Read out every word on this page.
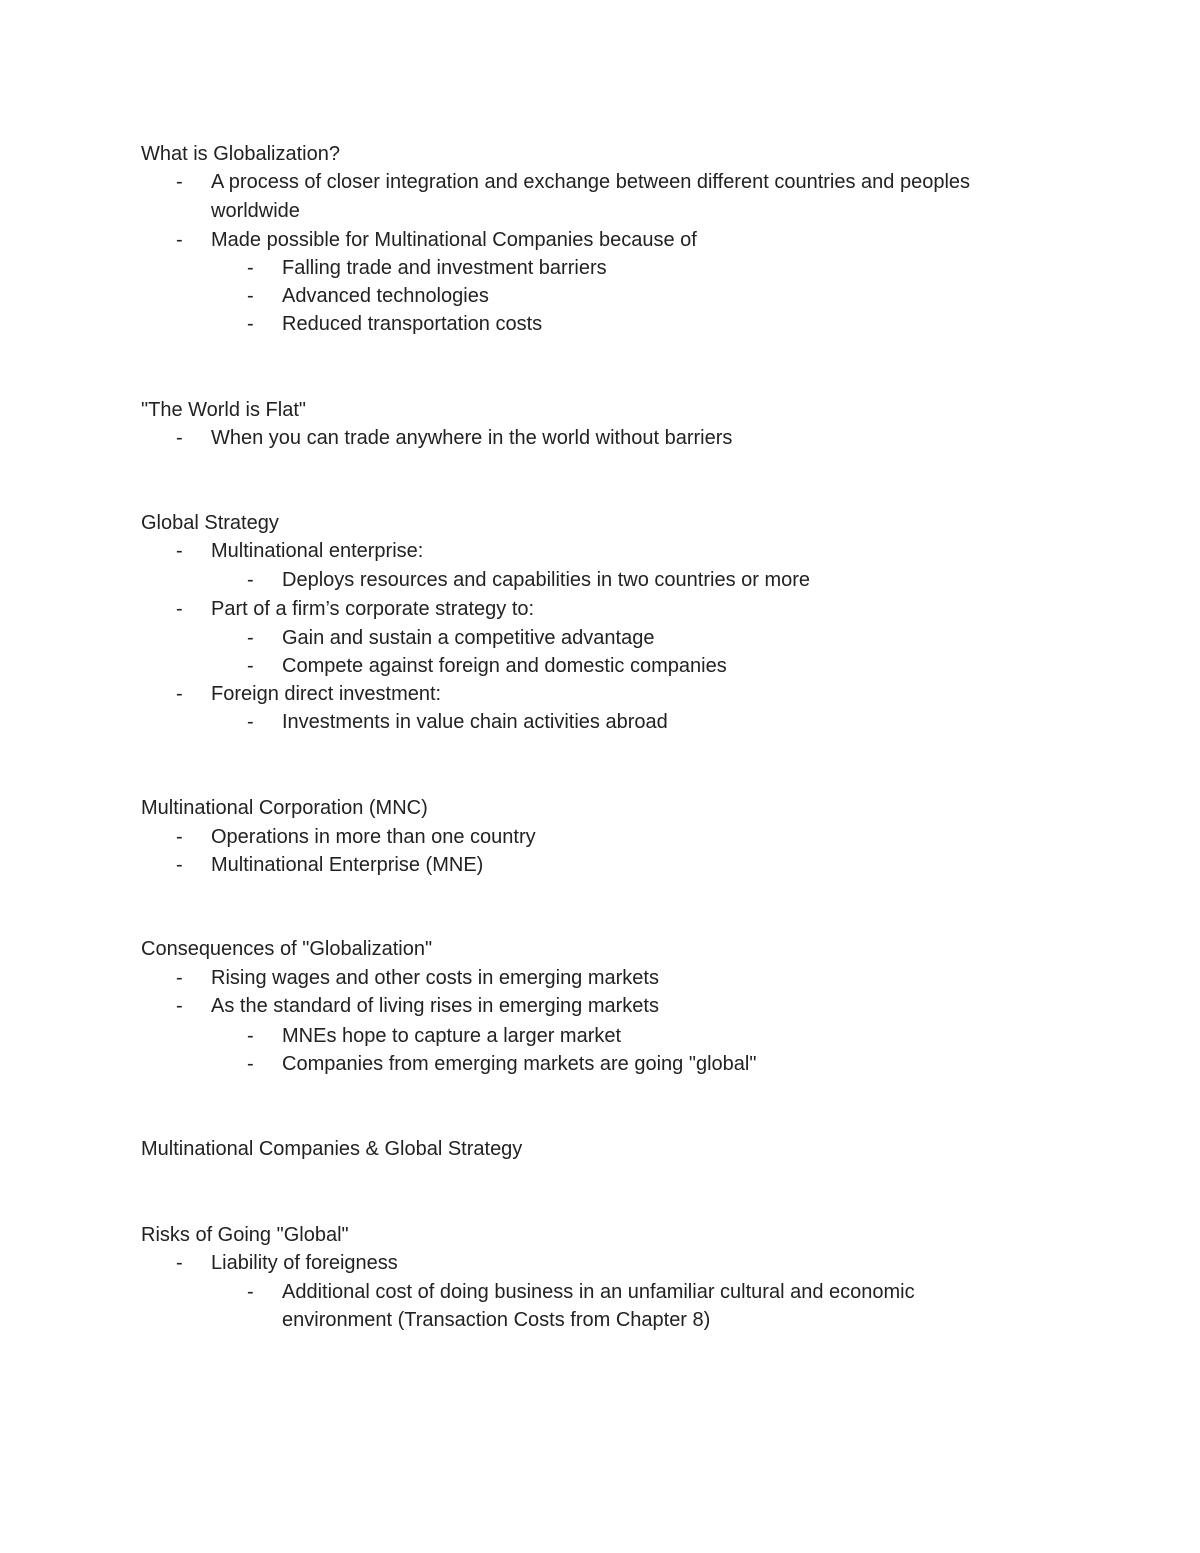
What is Globalization?
- A process of closer integration and exchange between different countries and peoples
worldwide
- Made possible for Multinational Companies because of
- Falling trade and investment barriers
- Advanced technologies
- Reduced transportation costs
"The World is Flat"
- When you can trade anywhere in the world without barriers
Global Strategy
- Multinational enterprise:
- Deploys resources and capabilities in two countries or more
- Part of a firm’s corporate strategy to:
- Gain and sustain a competitive advantage
- Compete against foreign and domestic companies
- Foreign direct investment:
- Investments in value chain activities abroad
Multinational Corporation (MNC)
- Operations in more than one country
- Multinational Enterprise (MNE)
Consequences of "Globalization"
- Rising wages and other costs in emerging markets
- As the standard of living rises in emerging markets
- MNEs hope to capture a larger market
- Companies from emerging markets are going "global"
Multinational Companies & Global Strategy
Risks of Going "Global"
- Liability of foreigness
- Additional cost of doing business in an unfamiliar cultural and economic
environment (Transaction Costs from Chapter 8)
